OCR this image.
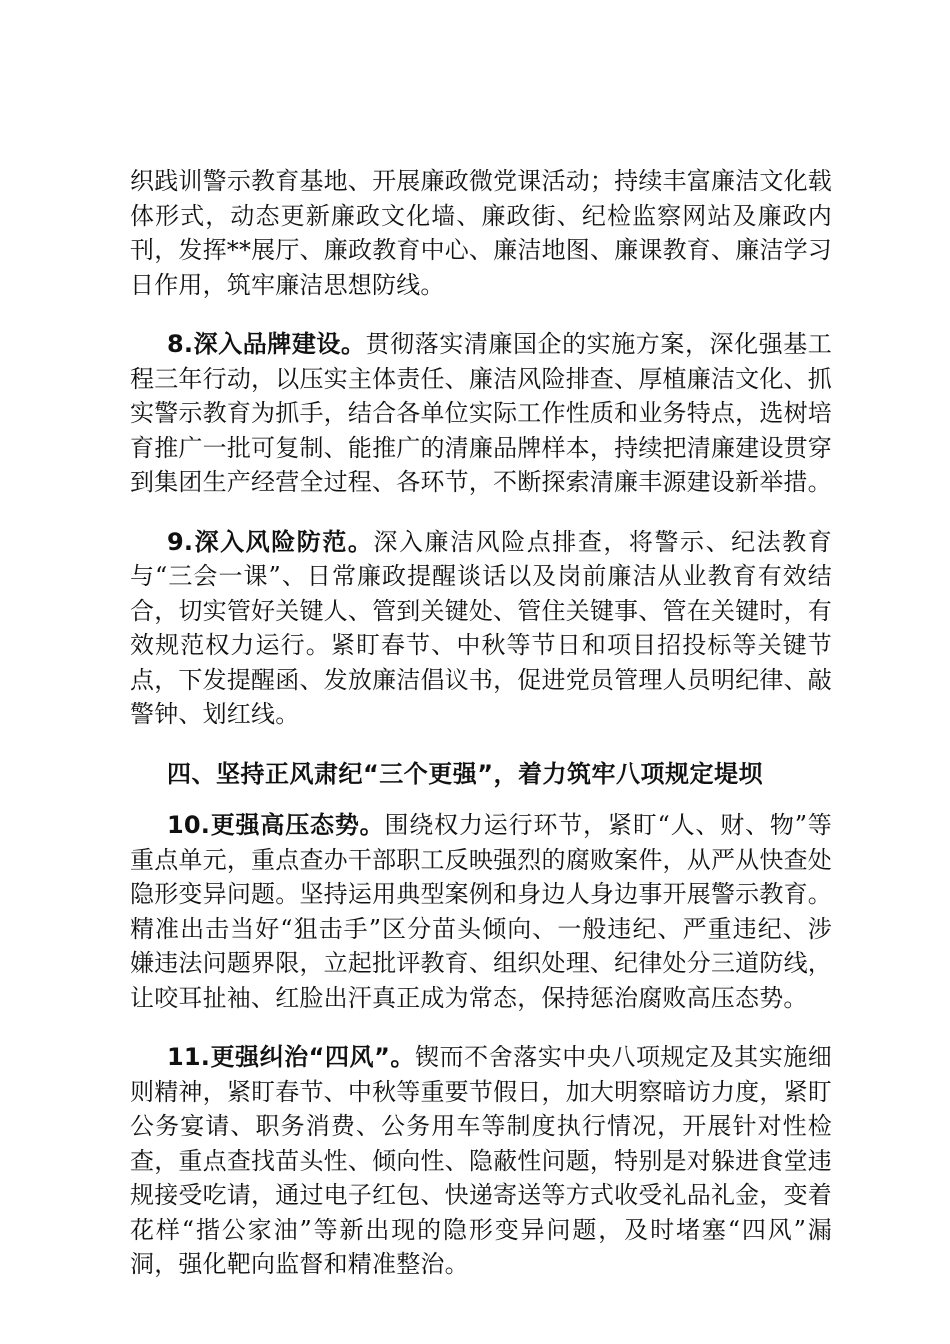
织践训警示教育基地、开展廉政微党课活动；持续丰富廉洁文化载体形式，动态更新廉政文化墙、廉政街、纪检监察网站及廉政内刊，发挥**展厅、廉政教育中心、廉洁地图、廉课教育、廉洁学习日作用，筑牢廉洁思想防线。

8.深入品牌建设。贯彻落实清廉国企的实施方案，深化强基工程三年行动，以压实主体责任、廉洁风险排查、厚植廉洁文化、抓实警示教育为抓手，结合各单位实际工作性质和业务特点，选树培育推广一批可复制、能推广的清廉品牌样本，持续把清廉建设贯穿到集团生产经营全过程、各环节，不断探索清廉丰源建设新举措。

9.深入风险防范。深入廉洁风险点排查，将警示、纪法教育与“三会一课”、日常廉政提醒谈话以及岗前廉洁从业教育有效结合，切实管好关键人、管到关键处、管住关键事、管在关键时，有效规范权力运行。紧盯春节、中秋等节日和项目招投标等关键节点，下发提醒函、发放廉洁倡议书，促进党员管理人员明纪律、敲警钟、划红线。

四、坚持正风肃纪“三个更强”，着力筑牢八项规定堤坝

10.更强高压态势。围绕权力运行环节，紧盯“人、财、物”等重点单元，重点查办干部职工反映强烈的腐败案件，从严从快查处隐形变异问题。坚持运用典型案例和身边人身边事开展警示教育。精准出击当好“狙击手”区分苗头倾向、一般违纪、严重违纪、涉嫌违法问题界限，立起批评教育、组织处理、纪律处分三道防线，让咬耳扯袖、红脸出汗真正成为常态，保持惩治腐败高压态势。

11.更强纠治“四风”。锲而不舍落实中央八项规定及其实施细则精神，紧盯春节、中秋等重要节假日，加大明察暗访力度，紧盯公务宴请、职务消费、公务用车等制度执行情况，开展针对性检查，重点查找苗头性、倾向性、隐蔽性问题，特别是对躲进食堂违规接受吃请，通过电子红包、快递寄送等方式收受礼品礼金，变着花样“揩公家油”等新出现的隐形变异问题，及时堵塞“四风”漏洞，强化靶向监督和精准整治。
